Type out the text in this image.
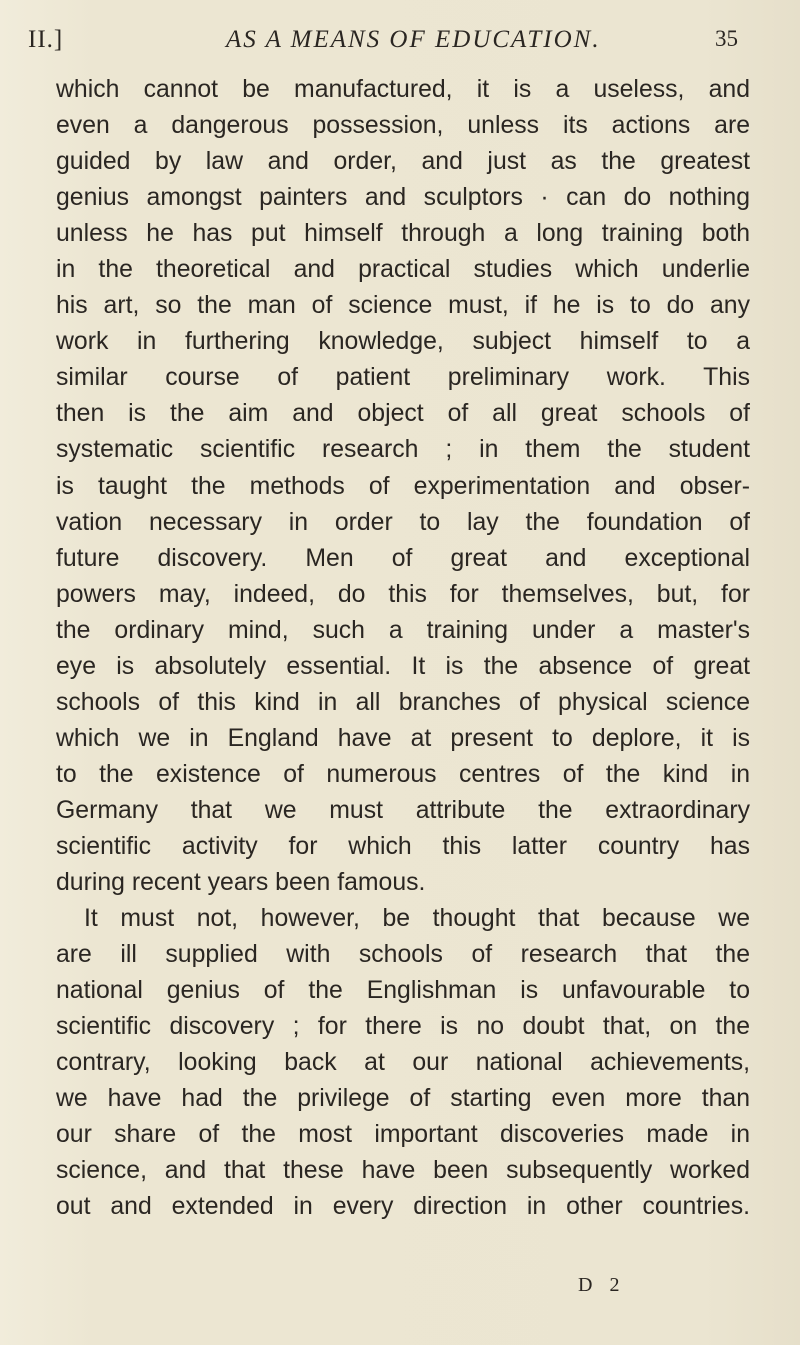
II.]	AS A MEANS OF EDUCATION.	35
which cannot be manufactured, it is a useless, and
even a dangerous possession, unless its actions are
guided by law and order, and just as the greatest
genius amongst painters and sculptors · can do nothing
unless he has put himself through a long training both
in the theoretical and practical studies which underlie
his art, so the man of science must, if he is to do any
work in furthering knowledge, subject himself to a
similar course of patient preliminary work. This
then is the aim and object of all great schools of
systematic scientific research ; in them the student
is taught the methods of experimentation and obser-
vation necessary in order to lay the foundation of
future discovery. Men of great and exceptional
powers may, indeed, do this for themselves, but, for
the ordinary mind, such a training under a master's
eye is absolutely essential. It is the absence of great
schools of this kind in all branches of physical science
which we in England have at present to deplore, it is
to the existence of numerous centres of the kind in
Germany that we must attribute the extraordinary
scientific activity for which this latter country has
during recent years been famous.
It must not, however, be thought that because we
are ill supplied with schools of research that the
national genius of the Englishman is unfavourable to
scientific discovery ; for there is no doubt that, on the
contrary, looking back at our national achievements,
we have had the privilege of starting even more than
our share of the most important discoveries made in
science, and that these have been subsequently worked
out and extended in every direction in other countries.
D 2
